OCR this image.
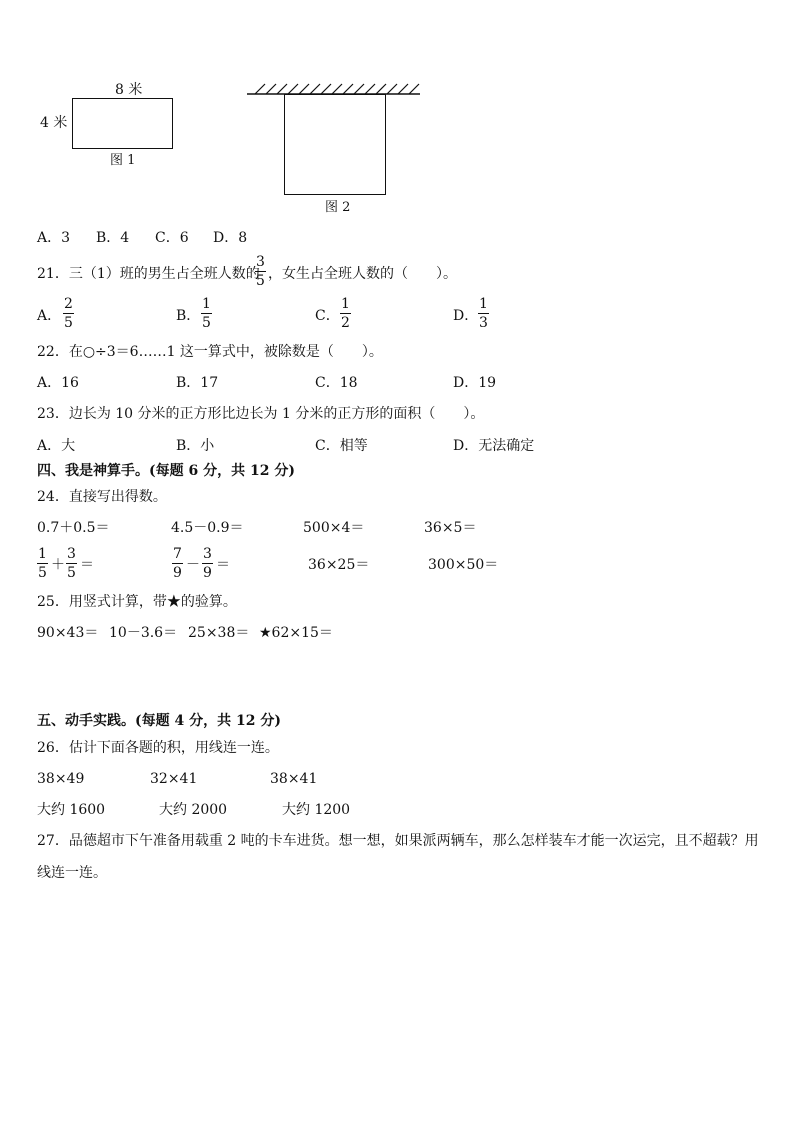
8 米
4 米
图 1
图 2
A．3 B．4 C．6 D．8
21．三（1）班的男生占全班人数的
3
5 ，女生占全班人数的（　　）。
A．
2
5	B．
1
5	C．
1
2	D．
1
3
22．在○÷3＝6……1 这一算式中，被除数是（　　）。
A．16	B．17	C．18	D．19
23．边长为 10 分米的正方形比边长为 1 分米的正方形的面积（　　）。
A．大	B．小	C．相等	D．无法确定
四、我是神算手。(每题 6 分，共 12 分)
24．直接写出得数。
0.7＋0.5＝	4.5－0.9＝	500×4＝	36×5＝
1
5 ＋
3
5 ＝
7
9 －
3
9 ＝	36×25＝	300×50＝
25．用竖式计算，带★的验算。
90×43＝ 10－3.6＝ 25×38＝ ★62×15＝
五、动手实践。(每题 4 分，共 12 分)
26．估计下面各题的积，用线连一连。
38×49	32×41	38×41
大约 1600	大约 2000	大约 1200
27．品德超市下午准备用载重 2 吨的卡车进货。想一想，如果派两辆车，那么怎样装车才能一次运完，且不超载？用
线连一连。
